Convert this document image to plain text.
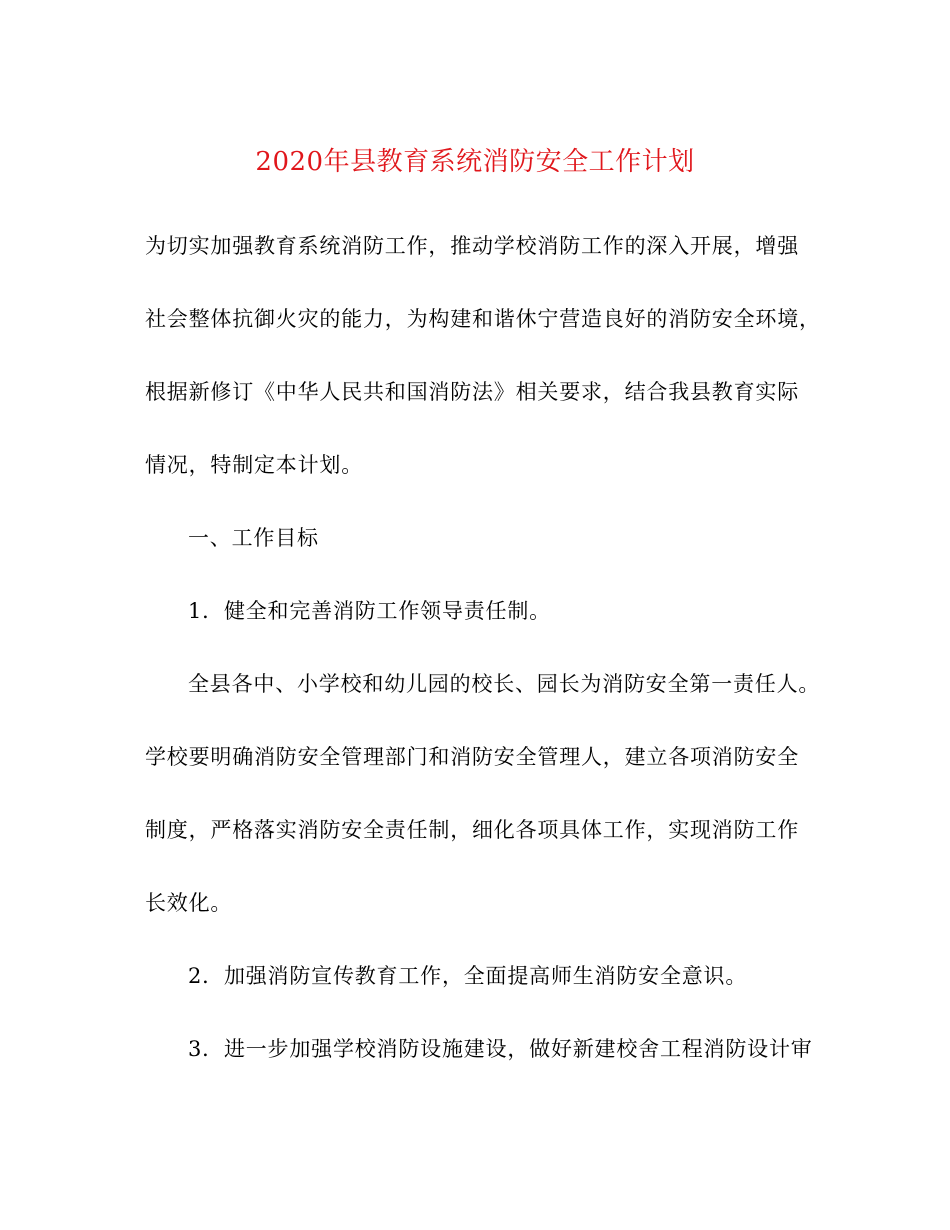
2020年县教育系统消防安全工作计划
为切实加强教育系统消防工作，推动学校消防工作的深入开展，增强
社会整体抗御火灾的能力，为构建和谐休宁营造良好的消防安全环境，
根据新修订《中华人民共和国消防法》相关要求，结合我县教育实际
情况，特制定本计划。
一、工作目标
1．健全和完善消防工作领导责任制。
全县各中、小学校和幼儿园的校长、园长为消防安全第一责任人。
学校要明确消防安全管理部门和消防安全管理人，建立各项消防安全
制度，严格落实消防安全责任制，细化各项具体工作，实现消防工作
长效化。
2．加强消防宣传教育工作，全面提高师生消防安全意识。
3．进一步加强学校消防设施建设，做好新建校舍工程消防设计审
